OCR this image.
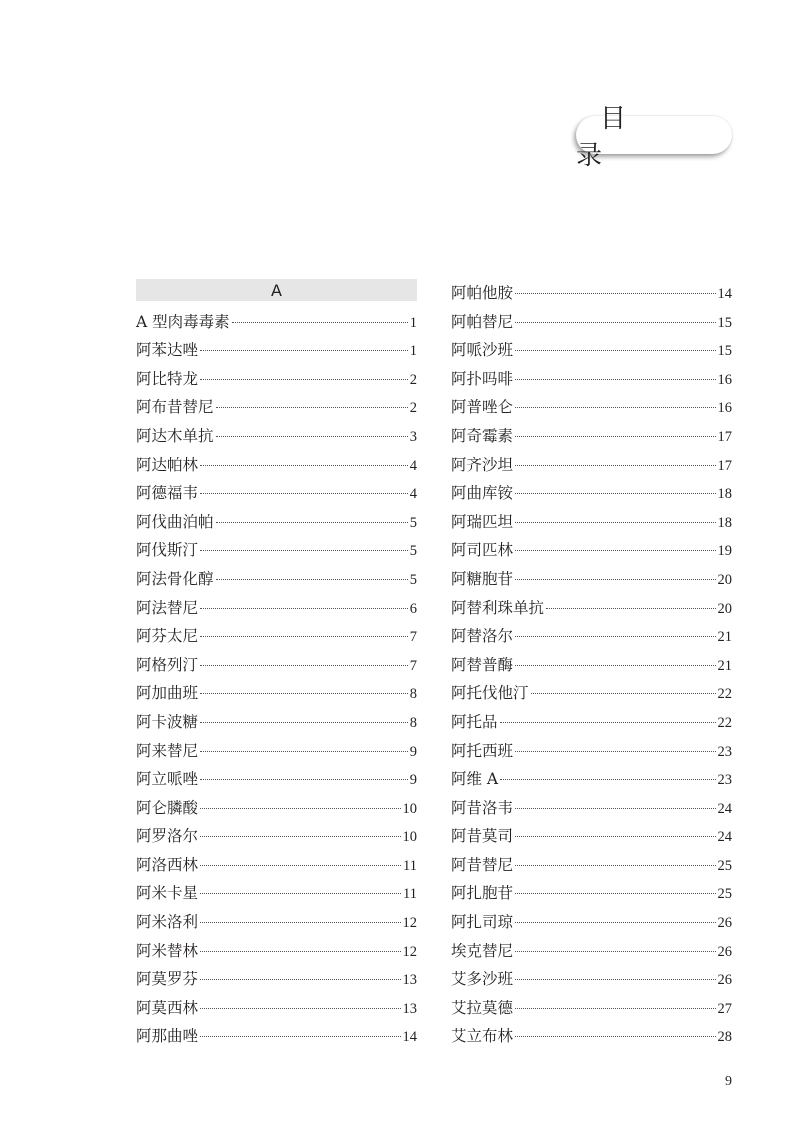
目 录
A
A 型肉毒毒素	1
阿苯达唑	1
阿比特龙	2
阿布昔替尼	2
阿达木单抗	3
阿达帕林	4
阿德福韦	4
阿伐曲泊帕	5
阿伐斯汀	5
阿法骨化醇	5
阿法替尼	6
阿芬太尼	7
阿格列汀	7
阿加曲班	8
阿卡波糖	8
阿来替尼	9
阿立哌唑	9
阿仑膦酸	10
阿罗洛尔	10
阿洛西林	11
阿米卡星	11
阿米洛利	12
阿米替林	12
阿莫罗芬	13
阿莫西林	13
阿那曲唑	14
阿帕他胺	14
阿帕替尼	15
阿哌沙班	15
阿扑吗啡	16
阿普唑仑	16
阿奇霉素	17
阿齐沙坦	17
阿曲库铵	18
阿瑞匹坦	18
阿司匹林	19
阿糖胞苷	20
阿替利珠单抗	20
阿替洛尔	21
阿替普酶	21
阿托伐他汀	22
阿托品	22
阿托西班	23
阿维 A	23
阿昔洛韦	24
阿昔莫司	24
阿昔替尼	25
阿扎胞苷	25
阿扎司琼	26
埃克替尼	26
艾多沙班	26
艾拉莫德	27
艾立布林	28
9
